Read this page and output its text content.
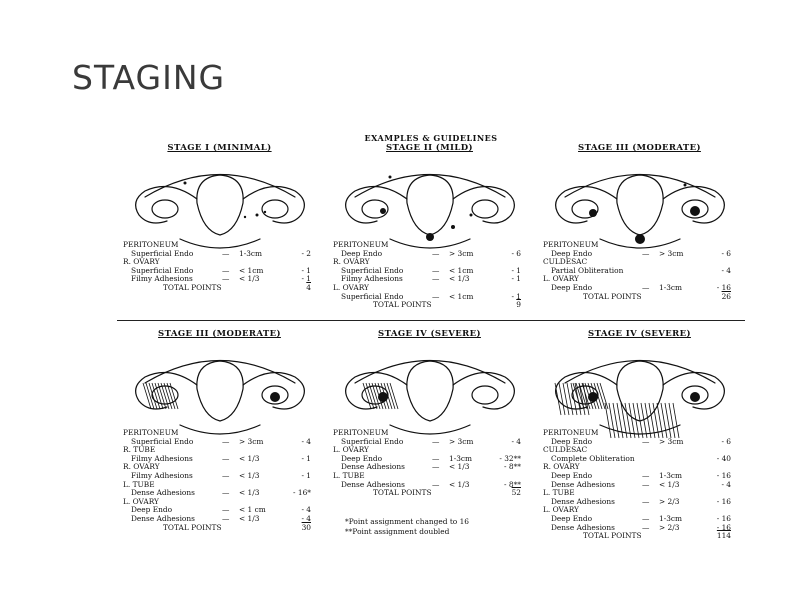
STAGING
EXAMPLES & GUIDELINES
STAGE I (MINIMAL)
PERITONEUM
Superficial Endo	— 1-3cm	- 2
R. OVARY
Superficial Endo	— < 1cm	- 1
Filmy Adhesions	— < 1/3	- 1
TOTAL POINTS	4
STAGE II (MILD)
PERITONEUM
Deep Endo	— > 3cm	- 6
R. OVARY
Superficial Endo	— < 1cm	- 1
Filmy Adhesions	— < 1/3	- 1
L. OVARY
Superficial Endo	— < 1cm	- 1
TOTAL POINTS	9
STAGE III (MODERATE)
PERITONEUM
Deep Endo	— > 3cm	- 6
CULDESAC
Partial Obliteration	- 4
L. OVARY
Deep Endo	— 1-3cm	- 16
TOTAL POINTS	26
STAGE III (MODERATE)
PERITONEUM
Superficial Endo	— > 3cm	- 4
R. TUBE
Filmy Adhesions	— < 1/3	- 1
R. OVARY
Filmy Adhesions	— < 1/3	- 1
L. TUBE
Dense Adhesions	— < 1/3	- 16*
L. OVARY
Deep Endo	— < 1 cm	- 4
Dense Adhesions	— < 1/3	- 4
TOTAL POINTS	30
STAGE IV (SEVERE)
PERITONEUM
Superficial Endo	— > 3cm	- 4
L. OVARY
Deep Endo	— 1-3cm	- 32**
Dense Adhesions	— < 1/3	- 8**
L. TUBE
Dense Adhesions	— < 1/3	- 8**
TOTAL POINTS	52
STAGE IV (SEVERE)
PERITONEUM
Deep Endo	— > 3cm	- 6
CULDESAC
Complete Obliteration	- 40
R. OVARY
Deep Endo	— 1-3cm	- 16
Dense Adhesions	— < 1/3	- 4
L. TUBE
Dense Adhesions	— > 2/3	- 16
L. OVARY
Deep Endo	— 1-3cm	- 16
Dense Adhesions	— > 2/3	- 16
TOTAL POINTS	114
*Point assignment changed to 16
**Point assignment doubled
